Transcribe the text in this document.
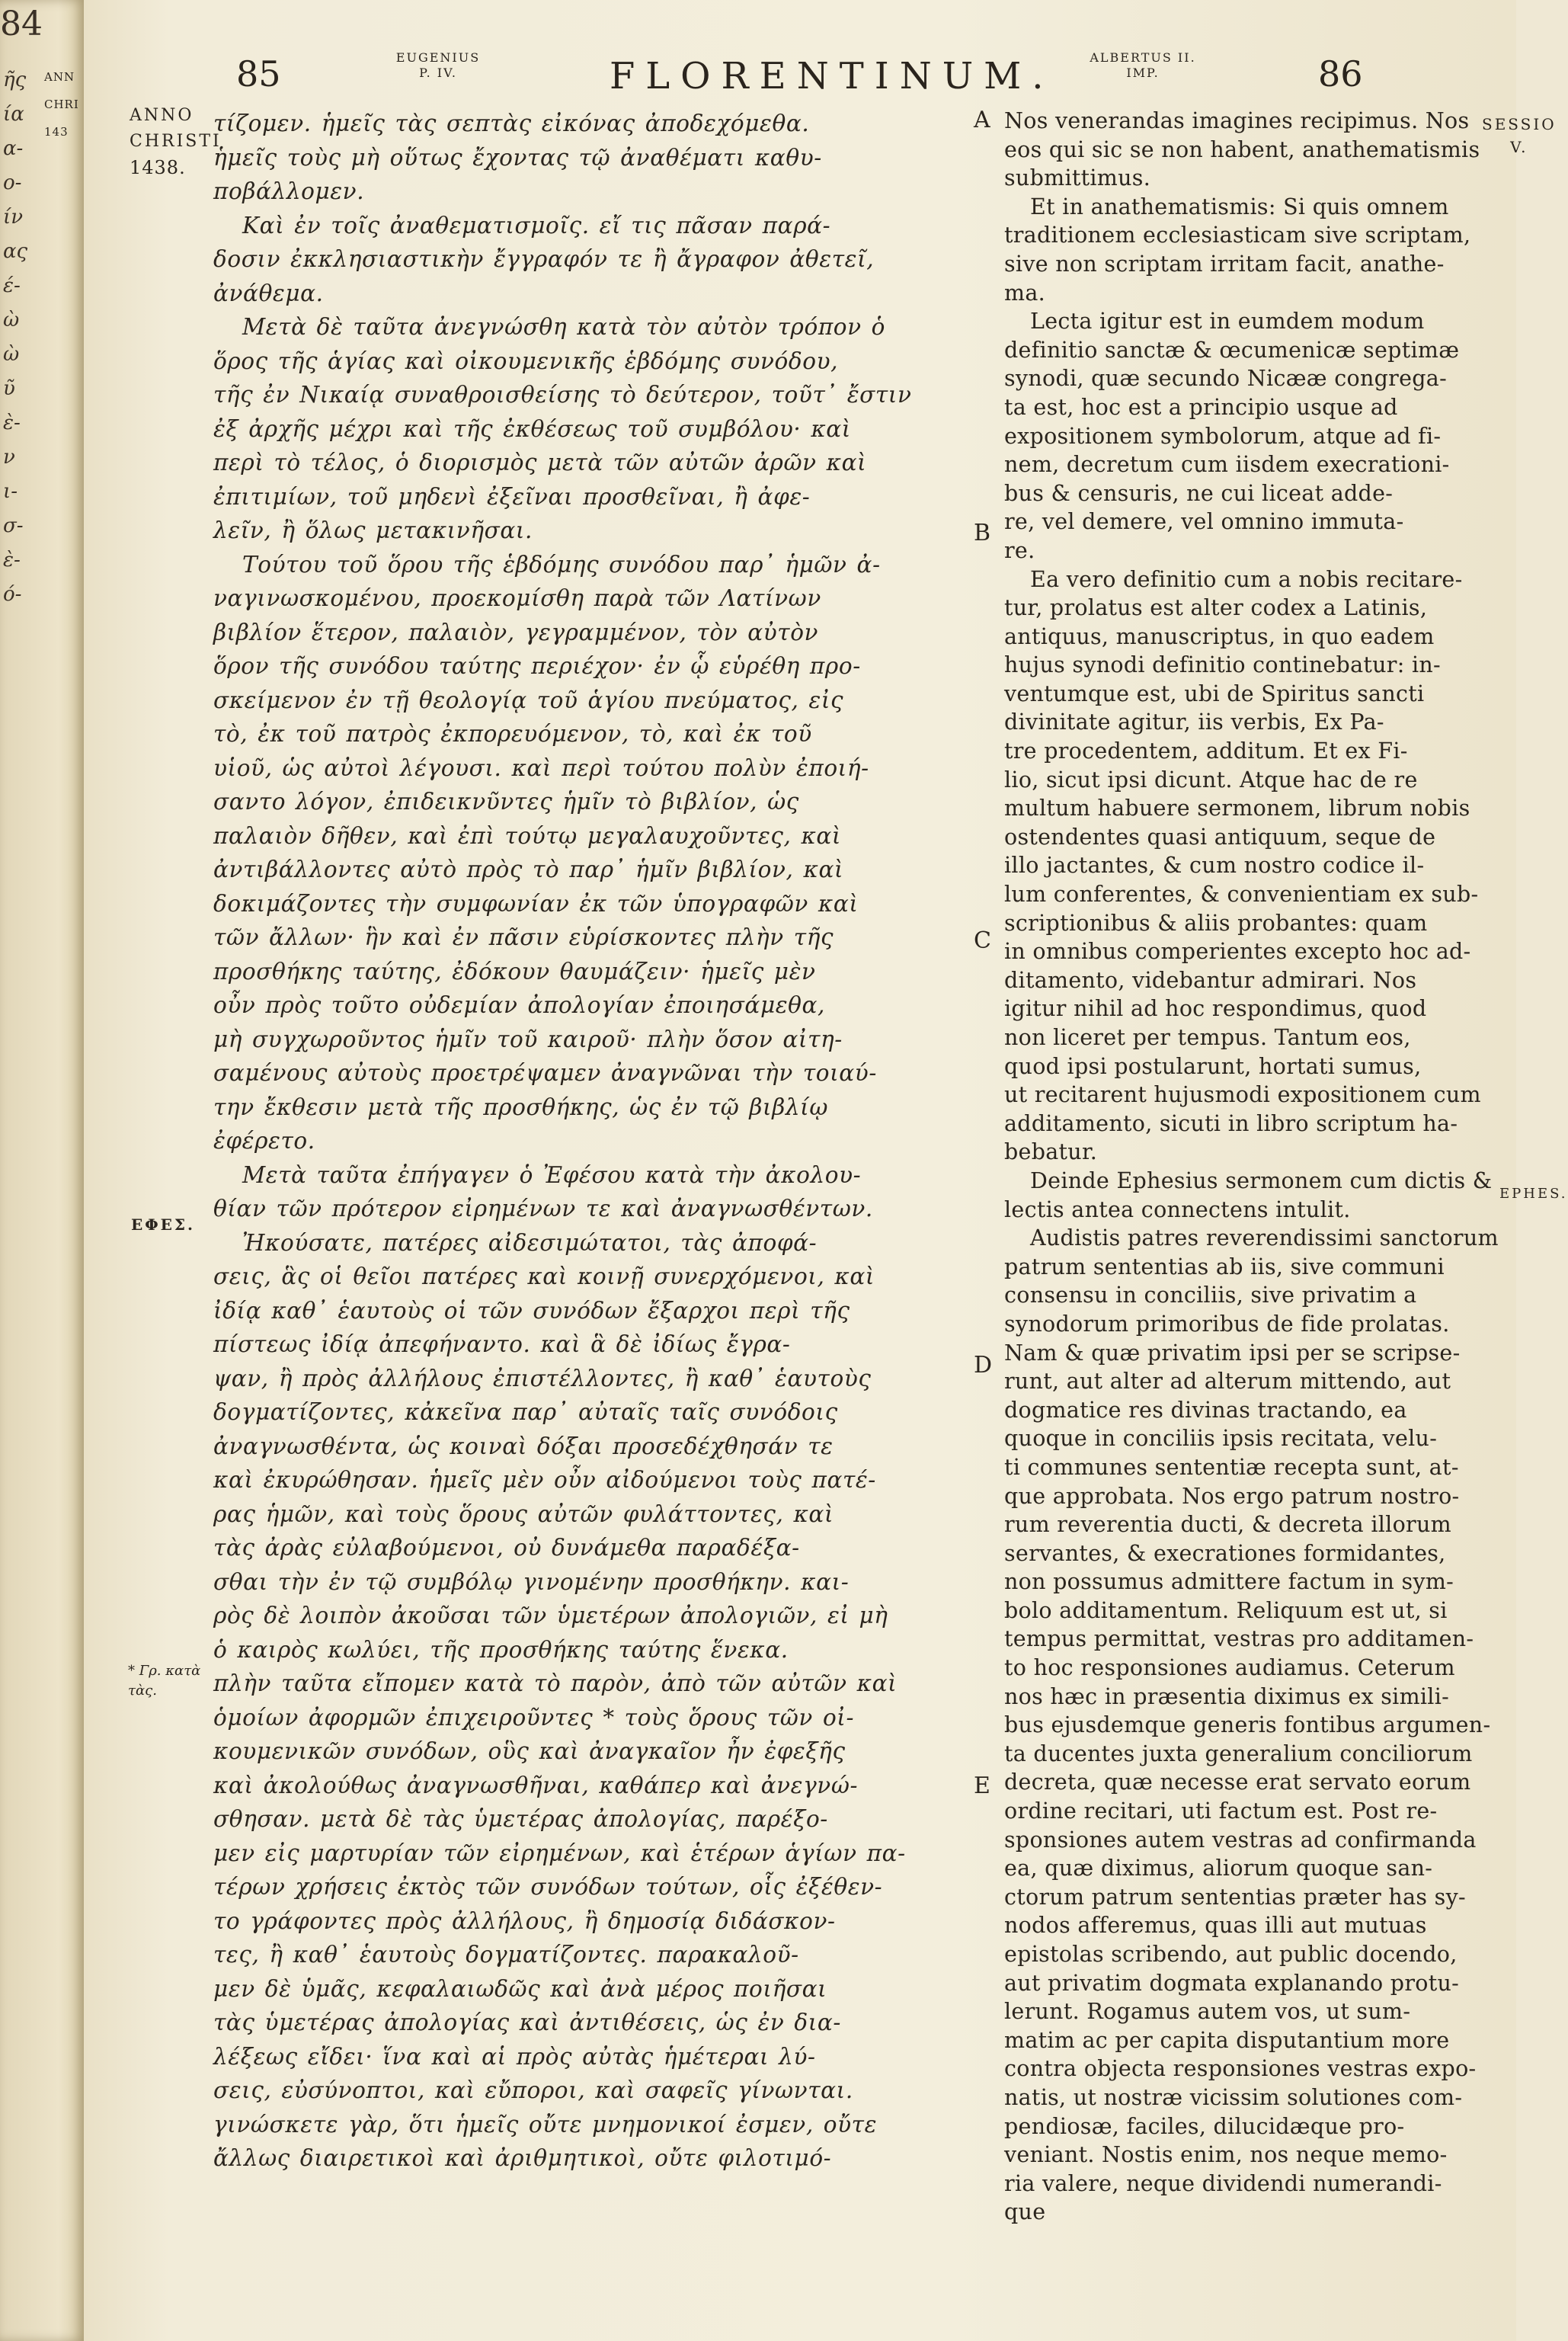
84
ANN
CHRI
143
ῆς
ία
α-
ο-
ίν
ας
έ-
ὼ
ὼ
ῦ
ὲ-
ν
ι-
σ-
ὲ-
ό-
85	EUGENIUS
P. IV.	FLORENTINUM.	ALBERTUS II.
IMP.	86
ANNO
CHRISTI
1438.
ΕΦΕΣ.
* Γρ. κατὰ
τὰς.

τίζομεν. ἡμεῖς τὰς σεπτὰς εἰκόνας ἀποδεχόμεθα.

ἡμεῖς τοὺς μὴ οὕτως ἔχοντας τῷ ἀναθέματι καθυ-

ποβάλλομεν.

Καὶ ἐν τοῖς ἀναθεματισμοῖς. εἴ τις πᾶσαν παρά-

δοσιν ἐκκλησιαστικὴν ἔγγραφόν τε ἢ ἄγραφον ἀθετεῖ,

ἀνάθεμα.

Μετὰ δὲ ταῦτα ἀνεγνώσθη κατὰ τὸν αὐτὸν τρόπον ὁ

ὅρος τῆς ἁγίας καὶ οἰκουμενικῆς ἑβδόμης συνόδου,

τῆς ἐν Νικαίᾳ συναθροισθείσης τὸ δεύτερον, τοῦτ᾽ ἔστιν

ἐξ ἀρχῆς μέχρι καὶ τῆς ἐκθέσεως τοῦ συμβόλου· καὶ

περὶ τὸ τέλος, ὁ διορισμὸς μετὰ τῶν αὐτῶν ἀρῶν καὶ

ἐπιτιμίων, τοῦ μηδενὶ ἐξεῖναι προσθεῖναι, ἢ ἀφε-

λεῖν, ἢ ὅλως μετακινῆσαι.

Τούτου τοῦ ὅρου τῆς ἑβδόμης συνόδου παρ᾽ ἡμῶν ἀ-

ναγινωσκομένου, προεκομίσθη παρὰ τῶν Λατίνων

βιβλίον ἕτερον, παλαιὸν, γεγραμμένον, τὸν αὐτὸν

ὅρον τῆς συνόδου ταύτης περιέχον· ἐν ᾧ εὑρέθη προ-

σκείμενον ἐν τῇ θεολογίᾳ τοῦ ἁγίου πνεύματος, εἰς

τὸ, ἐκ τοῦ πατρὸς ἐκπορευόμενον, τὸ, καὶ ἐκ τοῦ

υἱοῦ, ὡς αὐτοὶ λέγουσι. καὶ περὶ τούτου πολὺν ἐποιή-

σαντο λόγον, ἐπιδεικνῦντες ἡμῖν τὸ βιβλίον, ὡς

παλαιὸν δῆθεν, καὶ ἐπὶ τούτῳ μεγαλαυχοῦντες, καὶ

ἀντιβάλλοντες αὐτὸ πρὸς τὸ παρ᾽ ἡμῖν βιβλίον, καὶ

δοκιμάζοντες τὴν συμφωνίαν ἐκ τῶν ὑπογραφῶν καὶ

τῶν ἄλλων· ἣν καὶ ἐν πᾶσιν εὑρίσκοντες πλὴν τῆς

προσθήκης ταύτης, ἐδόκουν θαυμάζειν· ἡμεῖς μὲν

οὖν πρὸς τοῦτο οὐδεμίαν ἀπολογίαν ἐποιησάμεθα,

μὴ συγχωροῦντος ἡμῖν τοῦ καιροῦ· πλὴν ὅσον αἰτη-

σαμένους αὐτοὺς προετρέψαμεν ἀναγνῶναι τὴν τοιαύ-

την ἔκθεσιν μετὰ τῆς προσθήκης, ὡς ἐν τῷ βιβλίῳ

ἐφέρετο.

Μετὰ ταῦτα ἐπήγαγεν ὁ Ἐφέσου κατὰ τὴν ἀκολου-

θίαν τῶν πρότερον εἰρημένων τε καὶ ἀναγνωσθέντων.

Ἠκούσατε, πατέρες αἰδεσιμώτατοι, τὰς ἀποφά-

σεις, ἃς οἱ θεῖοι πατέρες καὶ κοινῇ συνερχόμενοι, καὶ

ἰδίᾳ καθ᾽ ἑαυτοὺς οἱ τῶν συνόδων ἔξαρχοι περὶ τῆς

πίστεως ἰδίᾳ ἀπεφήναντο. καὶ ἃ δὲ ἰδίως ἔγρα-

ψαν, ἢ πρὸς ἀλλήλους ἐπιστέλλοντες, ἢ καθ᾽ ἑαυτοὺς

δογματίζοντες, κἀκεῖνα παρ᾽ αὐταῖς ταῖς συνόδοις

ἀναγνωσθέντα, ὡς κοιναὶ δόξαι προσεδέχθησάν τε

καὶ ἐκυρώθησαν. ἡμεῖς μὲν οὖν αἰδούμενοι τοὺς πατέ-

ρας ἡμῶν, καὶ τοὺς ὅρους αὐτῶν φυλάττοντες, καὶ

τὰς ἀρὰς εὐλαβούμενοι, οὐ δυνάμεθα παραδέξα-

σθαι τὴν ἐν τῷ συμβόλῳ γινομένην προσθήκην. και-

ρὸς δὲ λοιπὸν ἀκοῦσαι τῶν ὑμετέρων ἀπολογιῶν, εἰ μὴ

ὁ καιρὸς κωλύει, τῆς προσθήκης ταύτης ἕνεκα.

πλὴν ταῦτα εἴπομεν κατὰ τὸ παρὸν, ἀπὸ τῶν αὐτῶν καὶ

ὁμοίων ἀφορμῶν ἐπιχειροῦντες * τοὺς ὅρους τῶν οἰ-

κουμενικῶν συνόδων, οὓς καὶ ἀναγκαῖον ἦν ἐφεξῆς

καὶ ἀκολούθως ἀναγνωσθῆναι, καθάπερ καὶ ἀνεγνώ-

σθησαν. μετὰ δὲ τὰς ὑμετέρας ἀπολογίας, παρέξο-

μεν εἰς μαρτυρίαν τῶν εἰρημένων, καὶ ἑτέρων ἁγίων πα-

τέρων χρήσεις ἐκτὸς τῶν συνόδων τούτων, οἷς ἐξέθεν-

το γράφοντες πρὸς ἀλλήλους, ἢ δημοσίᾳ διδάσκον-

τες, ἢ καθ᾽ ἑαυτοὺς δογματίζοντες. παρακαλοῦ-

μεν δὲ ὑμᾶς, κεφαλαιωδῶς καὶ ἀνὰ μέρος ποιῆσαι

τὰς ὑμετέρας ἀπολογίας καὶ ἀντιθέσεις, ὡς ἐν δια-

λέξεως εἴδει· ἵνα καὶ αἱ πρὸς αὐτὰς ἡμέτεραι λύ-

σεις, εὐσύνοπτοι, καὶ εὔποροι, καὶ σαφεῖς γίνωνται.

γινώσκετε γὰρ, ὅτι ἡμεῖς οὔτε μνημονικοί ἐσμεν, οὔτε

ἄλλως διαιρετικοὶ καὶ ἀριθμητικοὶ, οὔτε φιλοτιμό-

A
B
C
D
E

Nos venerandas imagines recipimus. Nos

eos qui sic se non habent, anathematismis

submittimus.

Et in anathematismis: Si quis omnem

traditionem ecclesiasticam sive scriptam,

sive non scriptam irritam facit, anathe-

ma.

Lecta igitur est in eumdem modum

definitio sanctæ & œcumenicæ septimæ

synodi, quæ secundo Nicææ congrega-

ta est, hoc est a principio usque ad

expositionem symbolorum, atque ad fi-

nem, decretum cum iisdem execrationi-

bus & censuris, ne cui liceat adde-

re, vel demere, vel omnino immuta-

re.

Ea vero definitio cum a nobis recitare-

tur, prolatus est alter codex a Latinis,

antiquus, manuscriptus, in quo eadem

hujus synodi definitio continebatur: in-

ventumque est, ubi de Spiritus sancti

divinitate agitur, iis verbis, Ex Pa-

tre procedentem, additum. Et ex Fi-

lio, sicut ipsi dicunt. Atque hac de re

multum habuere sermonem, librum nobis

ostendentes quasi antiquum, seque de

illo jactantes, & cum nostro codice il-

lum conferentes, & convenientiam ex sub-

scriptionibus & aliis probantes: quam

in omnibus comperientes excepto hoc ad-

ditamento, videbantur admirari. Nos

igitur nihil ad hoc respondimus, quod

non liceret per tempus. Tantum eos,

quod ipsi postularunt, hortati sumus,

ut recitarent hujusmodi expositionem cum

additamento, sicuti in libro scriptum ha-

bebatur.

Deinde Ephesius sermonem cum dictis &

lectis antea connectens intulit.

Audistis patres reverendissimi sanctorum

patrum sententias ab iis, sive communi

consensu in conciliis, sive privatim a

synodorum primoribus de fide prolatas.

Nam & quæ privatim ipsi per se scripse-

runt, aut alter ad alterum mittendo, aut

dogmatice res divinas tractando, ea

quoque in conciliis ipsis recitata, velu-

ti communes sententiæ recepta sunt, at-

que approbata. Nos ergo patrum nostro-

rum reverentia ducti, & decreta illorum

servantes, & execrationes formidantes,

non possumus admittere factum in sym-

bolo additamentum. Reliquum est ut, si

tempus permittat, vestras pro additamen-

to hoc responsiones audiamus. Ceterum

nos hæc in præsentia diximus ex simili-

bus ejusdemque generis fontibus argumen-

ta ducentes juxta generalium conciliorum

decreta, quæ necesse erat servato eorum

ordine recitari, uti factum est. Post re-

sponsiones autem vestras ad confirmanda

ea, quæ diximus, aliorum quoque san-

ctorum patrum sententias præter has sy-

nodos afferemus, quas illi aut mutuas

epistolas scribendo, aut public docendo,

aut privatim dogmata explanando protu-

lerunt. Rogamus autem vos, ut sum-

matim ac per capita disputantium more

contra objecta responsiones vestras expo-

natis, ut nostræ vicissim solutiones com-

pendiosæ, faciles, dilucidæque pro-

veniant. Nostis enim, nos neque memo-

ria valere, neque dividendi numerandi-

que

SESSIO
V.
EPHES.
